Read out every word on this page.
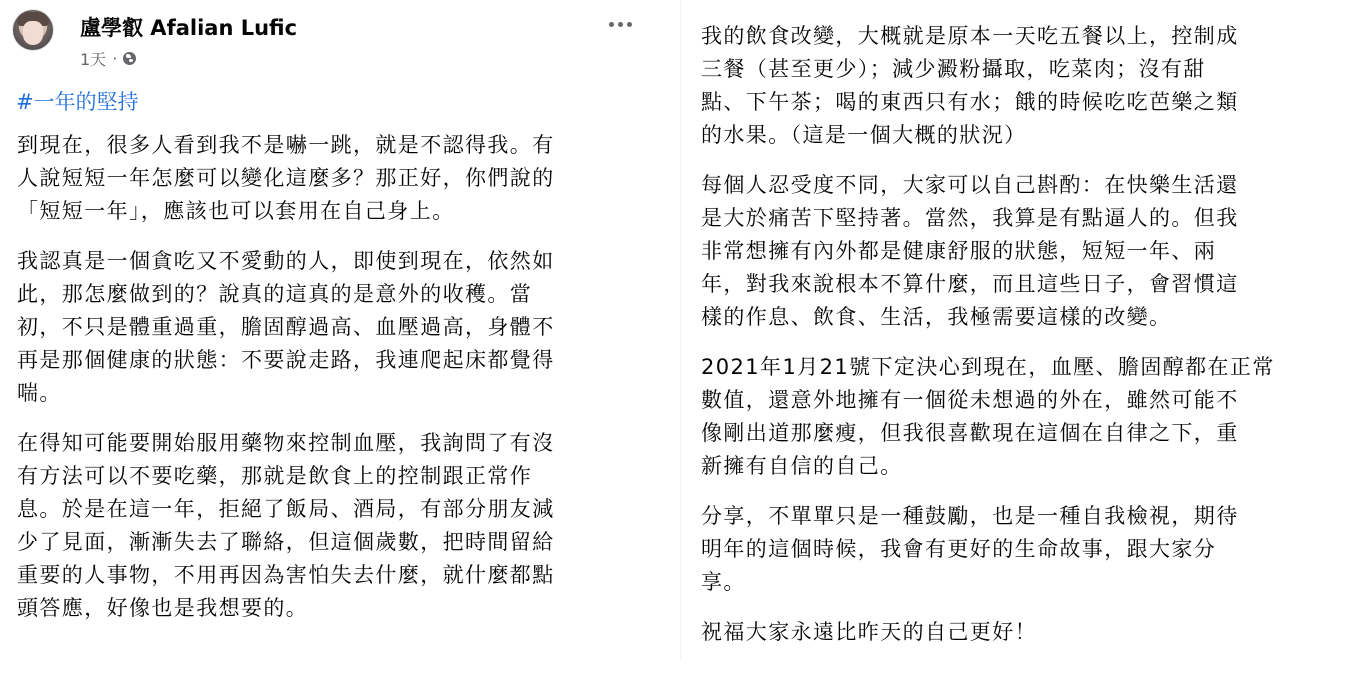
盧學叡 Afalian Lufic
1天 ·
#一年的堅持

到現在，很多人看到我不是嚇一跳，就是不認得我。有
人說短短一年怎麼可以變化這麼多？那正好，你們說的
「短短一年」，應該也可以套用在自己身上。

我認真是一個貪吃又不愛動的人，即使到現在，依然如
此，那怎麼做到的？說真的這真的是意外的收穫。當
初，不只是體重過重，膽固醇過高、血壓過高，身體不
再是那個健康的狀態：不要說走路，我連爬起床都覺得
喘。

在得知可能要開始服用藥物來控制血壓，我詢問了有沒
有方法可以不要吃藥，那就是飲食上的控制跟正常作
息。於是在這一年，拒絕了飯局、酒局，有部分朋友減
少了見面，漸漸失去了聯絡，但這個歲數，把時間留給
重要的人事物，不用再因為害怕失去什麼，就什麼都點
頭答應，好像也是我想要的。

我的飲食改變，大概就是原本一天吃五餐以上，控制成
三餐（甚至更少）；減少澱粉攝取，吃菜肉；沒有甜
點、下午茶；喝的東西只有水；餓的時候吃吃芭樂之類
的水果。（這是一個大概的狀況）

每個人忍受度不同，大家可以自己斟酌：在快樂生活還
是大於痛苦下堅持著。當然，我算是有點逼人的。但我
非常想擁有內外都是健康舒服的狀態，短短一年、兩
年，對我來說根本不算什麼，而且這些日子，會習慣這
樣的作息、飲食、生活，我極需要這樣的改變。

2021年1月21號下定決心到現在，血壓、膽固醇都在正常
數值，還意外地擁有一個從未想過的外在，雖然可能不
像剛出道那麼瘦，但我很喜歡現在這個在自律之下，重
新擁有自信的自己。

分享，不單單只是一種鼓勵，也是一種自我檢視，期待
明年的這個時候，我會有更好的生命故事，跟大家分
享。

祝福大家永遠比昨天的自己更好！
